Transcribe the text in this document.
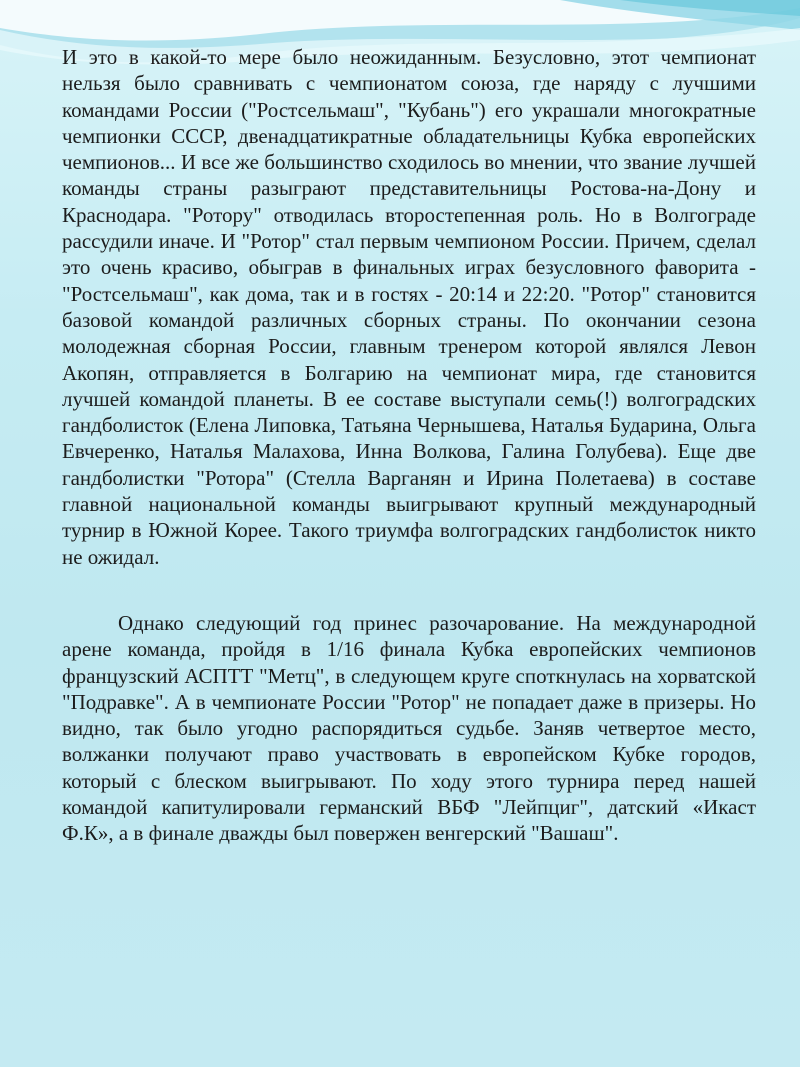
И это в какой-то мере было неожиданным. Безусловно, этот чемпионат нельзя было сравнивать с чемпионатом союза, где наряду с лучшими командами России ("Ростсельмаш", "Кубань") его украшали многократные чемпионки СССР, двенадцатикратные обладательницы Кубка европейских чемпионов... И все же большинство сходилось во мнении, что звание лучшей команды страны разыграют представительницы Ростова-на-Дону и Краснодара. "Ротору" отводилась второстепенная роль. Но в Волгограде рассудили иначе. И "Ротор" стал первым чемпионом России. Причем, сделал это очень красиво, обыграв в финальных играх безусловного фаворита - "Ростсельмаш", как дома, так и в гостях - 20:14 и 22:20. "Ротор" становится базовой командой различных сборных страны. По окончании сезона молодежная сборная России, главным тренером которой являлся Левон Акопян, отправляется в Болгарию на чемпионат мира, где становится лучшей командой планеты. В ее составе выступали семь(!) волгоградских гандболисток (Елена Липовка, Татьяна Чернышева, Наталья Бударина, Ольга Евчеренко, Наталья Малахова, Инна Волкова, Галина Голубева). Еще две гандболистки "Ротора" (Стелла Варганян и Ирина Полетаева) в составе главной национальной команды выигрывают крупный международный турнир в Южной Корее. Такого триумфа волгоградских гандболисток никто не ожидал.

Однако следующий год принес разочарование. На международной арене команда, пройдя в 1/16 финала Кубка европейских чемпионов французский АСПТТ "Метц", в следующем круге споткнулась на хорватской "Подравке". А в чемпионате России "Ротор" не попадает даже в призеры. Но видно, так было угодно распорядиться судьбе. Заняв четвертое место, волжанки получают право участвовать в европейском Кубке городов, который с блеском выигрывают. По ходу этого турнира перед нашей командой капитулировали германский ВБФ "Лейпциг", датский «Икаст Ф.К», а в финале дважды был повержен венгерский "Вашаш".
